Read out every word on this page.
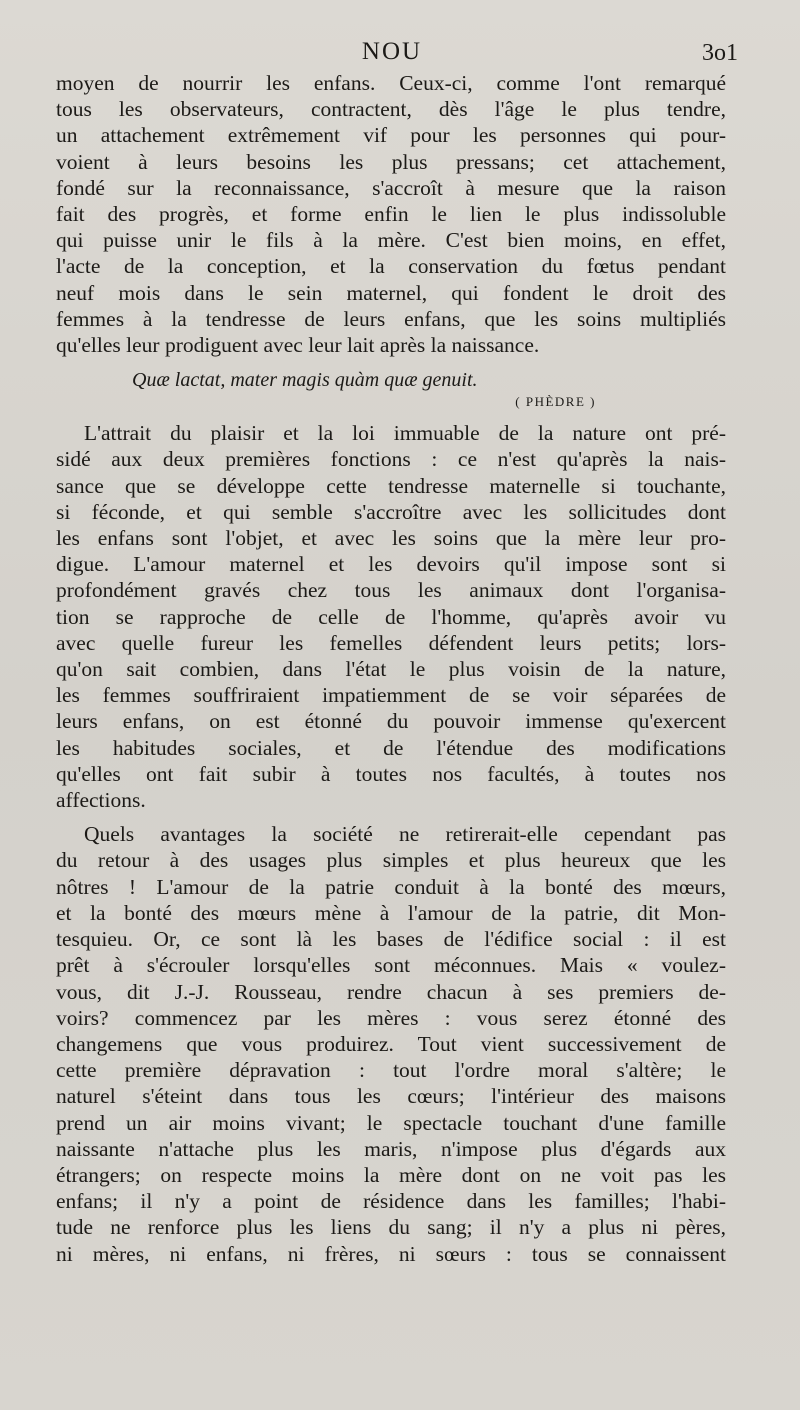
NOU	3o1
moyen de nourrir les enfans. Ceux-ci, comme l'ont remarqué
tous les observateurs, contractent, dès l'âge le plus tendre,
un attachement extrêmement vif pour les personnes qui pour-
voient à leurs besoins les plus pressans; cet attachement,
fondé sur la reconnaissance, s'accroît à mesure que la raison
fait des progrès, et forme enfin le lien le plus indissoluble
qui puisse unir le fils à la mère. C'est bien moins, en effet,
l'acte de la conception, et la conservation du fœtus pendant
neuf mois dans le sein maternel, qui fondent le droit des
femmes à la tendresse de leurs enfans, que les soins multipliés
qu'elles leur prodiguent avec leur lait après la naissance.
Quæ lactat, mater magis quàm quæ genuit.
( PHÈDRE )
L'attrait du plaisir et la loi immuable de la nature ont pré-
sidé aux deux premières fonctions : ce n'est qu'après la nais-
sance que se développe cette tendresse maternelle si touchante,
si féconde, et qui semble s'accroître avec les sollicitudes dont
les enfans sont l'objet, et avec les soins que la mère leur pro-
digue. L'amour maternel et les devoirs qu'il impose sont si
profondément gravés chez tous les animaux dont l'organisa-
tion se rapproche de celle de l'homme, qu'après avoir vu
avec quelle fureur les femelles défendent leurs petits; lors-
qu'on sait combien, dans l'état le plus voisin de la nature,
les femmes souffriraient impatiemment de se voir séparées de
leurs enfans, on est étonné du pouvoir immense qu'exercent
les habitudes sociales, et de l'étendue des modifications
qu'elles ont fait subir à toutes nos facultés, à toutes nos
affections.
Quels avantages la société ne retirerait-elle cependant pas
du retour à des usages plus simples et plus heureux que les
nôtres ! L'amour de la patrie conduit à la bonté des mœurs,
et la bonté des mœurs mène à l'amour de la patrie, dit Mon-
tesquieu. Or, ce sont là les bases de l'édifice social : il est
prêt à s'écrouler lorsqu'elles sont méconnues. Mais « voulez-
vous, dit J.-J. Rousseau, rendre chacun à ses premiers de-
voirs? commencez par les mères : vous serez étonné des
changemens que vous produirez. Tout vient successivement de
cette première dépravation : tout l'ordre moral s'altère; le
naturel s'éteint dans tous les cœurs; l'intérieur des maisons
prend un air moins vivant; le spectacle touchant d'une famille
naissante n'attache plus les maris, n'impose plus d'égards aux
étrangers; on respecte moins la mère dont on ne voit pas les
enfans; il n'y a point de résidence dans les familles; l'habi-
tude ne renforce plus les liens du sang; il n'y a plus ni pères,
ni mères, ni enfans, ni frères, ni sœurs : tous se connaissent
